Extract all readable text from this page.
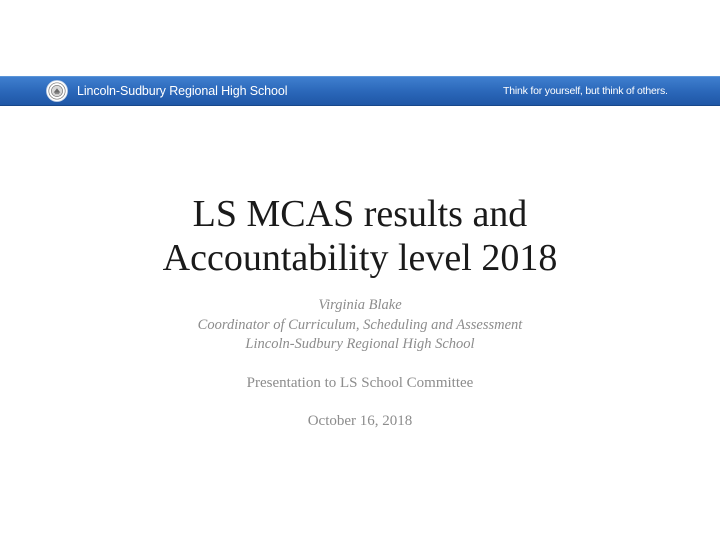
Lincoln-Sudbury Regional High School	Think for yourself, but think of others.
LS MCAS results and
Accountability level 2018
Virginia Blake
Coordinator of Curriculum, Scheduling and Assessment
Lincoln-Sudbury Regional High School
Presentation to LS School Committee
October 16, 2018
